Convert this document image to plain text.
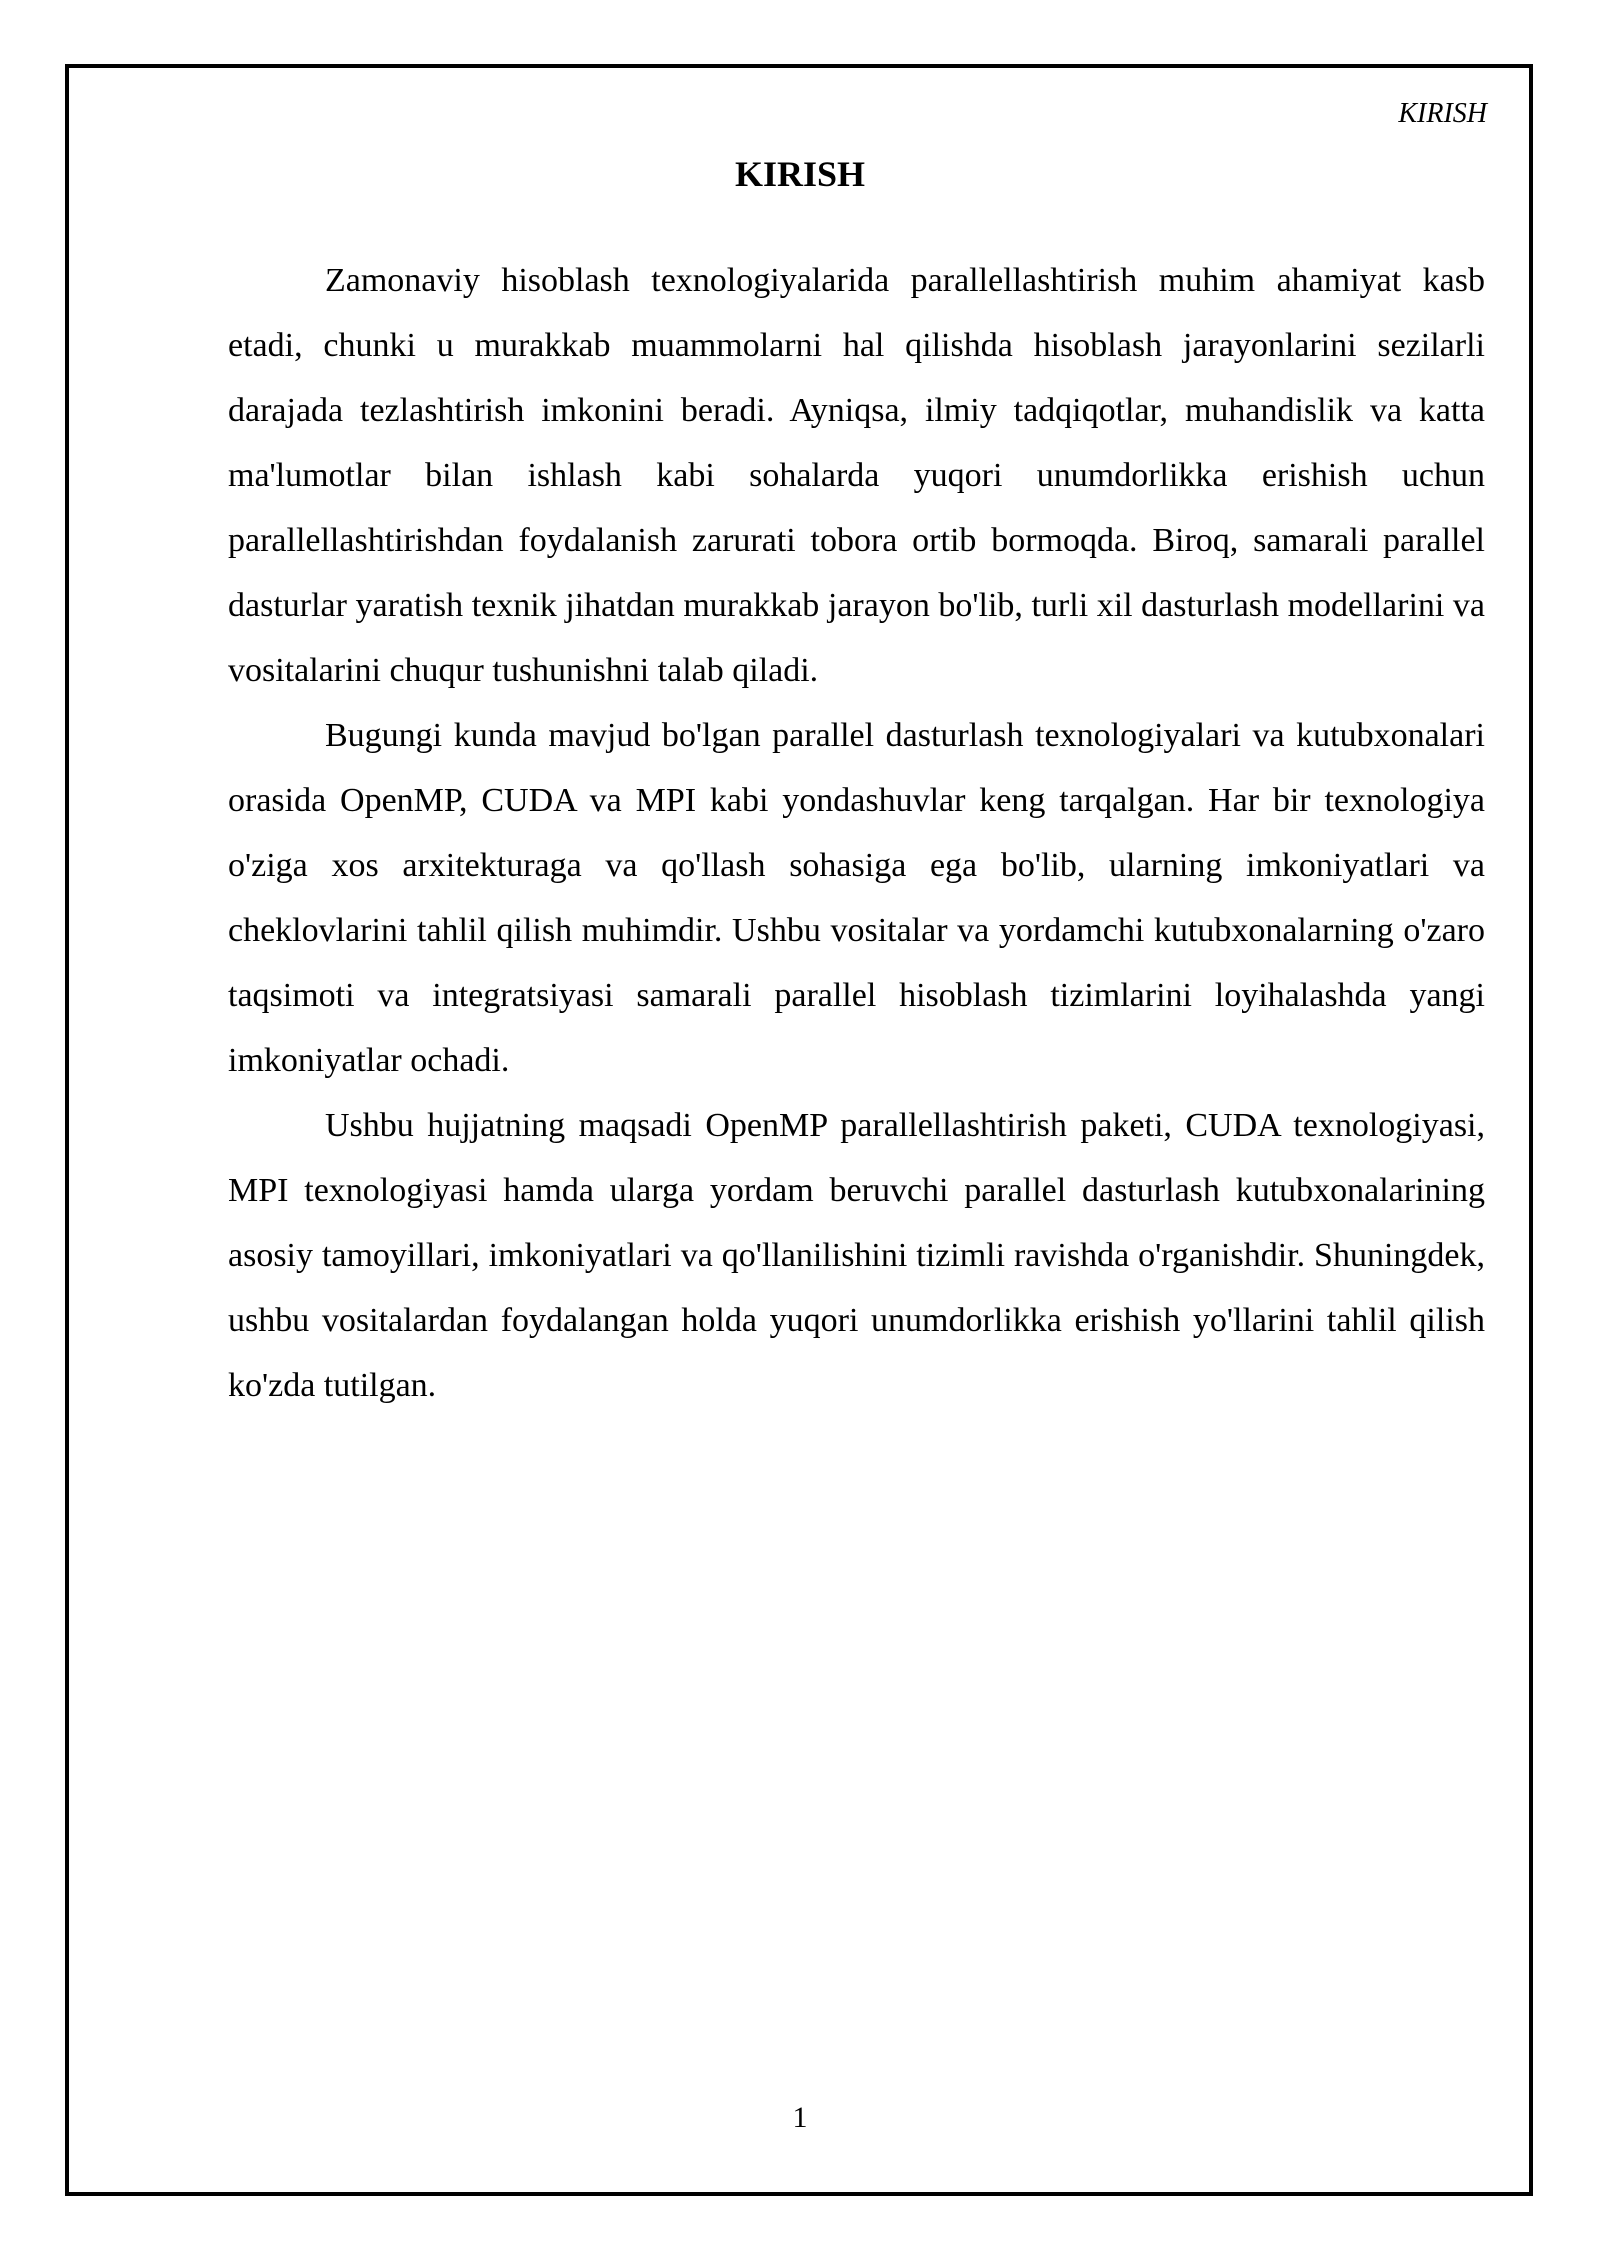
KIRISH
KIRISH

Zamonaviy hisoblash texnologiyalarida parallellashtirish muhim ahamiyat kasb etadi, chunki u murakkab muammolarni hal qilishda hisoblash jarayonlarini sezilarli darajada tezlashtirish imkonini beradi. Ayniqsa, ilmiy tadqiqotlar, muhandislik va katta ma'lumotlar bilan ishlash kabi sohalarda yuqori unumdorlikka erishish uchun parallellashtirishdan foydalanish zarurati tobora ortib bormoqda. Biroq, samarali parallel dasturlar yaratish texnik jihatdan murakkab jarayon bo'lib, turli xil dasturlash modellarini va vositalarini chuqur tushunishni talab qiladi.

Bugungi kunda mavjud bo'lgan parallel dasturlash texnologiyalari va kutubxonalari orasida OpenMP, CUDA va MPI kabi yondashuvlar keng tarqalgan. Har bir texnologiya o'ziga xos arxitekturaga va qo'llash sohasiga ega bo'lib, ularning imkoniyatlari va cheklovlarini tahlil qilish muhimdir. Ushbu vositalar va yordamchi kutubxonalarning o'zaro taqsimoti va integratsiyasi samarali parallel hisoblash tizimlarini loyihalashda yangi imkoniyatlar ochadi.

Ushbu hujjatning maqsadi OpenMP parallellashtirish paketi, CUDA texnologiyasi, MPI texnologiyasi hamda ularga yordam beruvchi parallel dasturlash kutubxonalarining asosiy tamoyillari, imkoniyatlari va qo'llanilishini tizimli ravishda o'rganishdir. Shuningdek, ushbu vositalardan foydalangan holda yuqori unumdorlikka erishish yo'llarini tahlil qilish ko'zda tutilgan.

1
